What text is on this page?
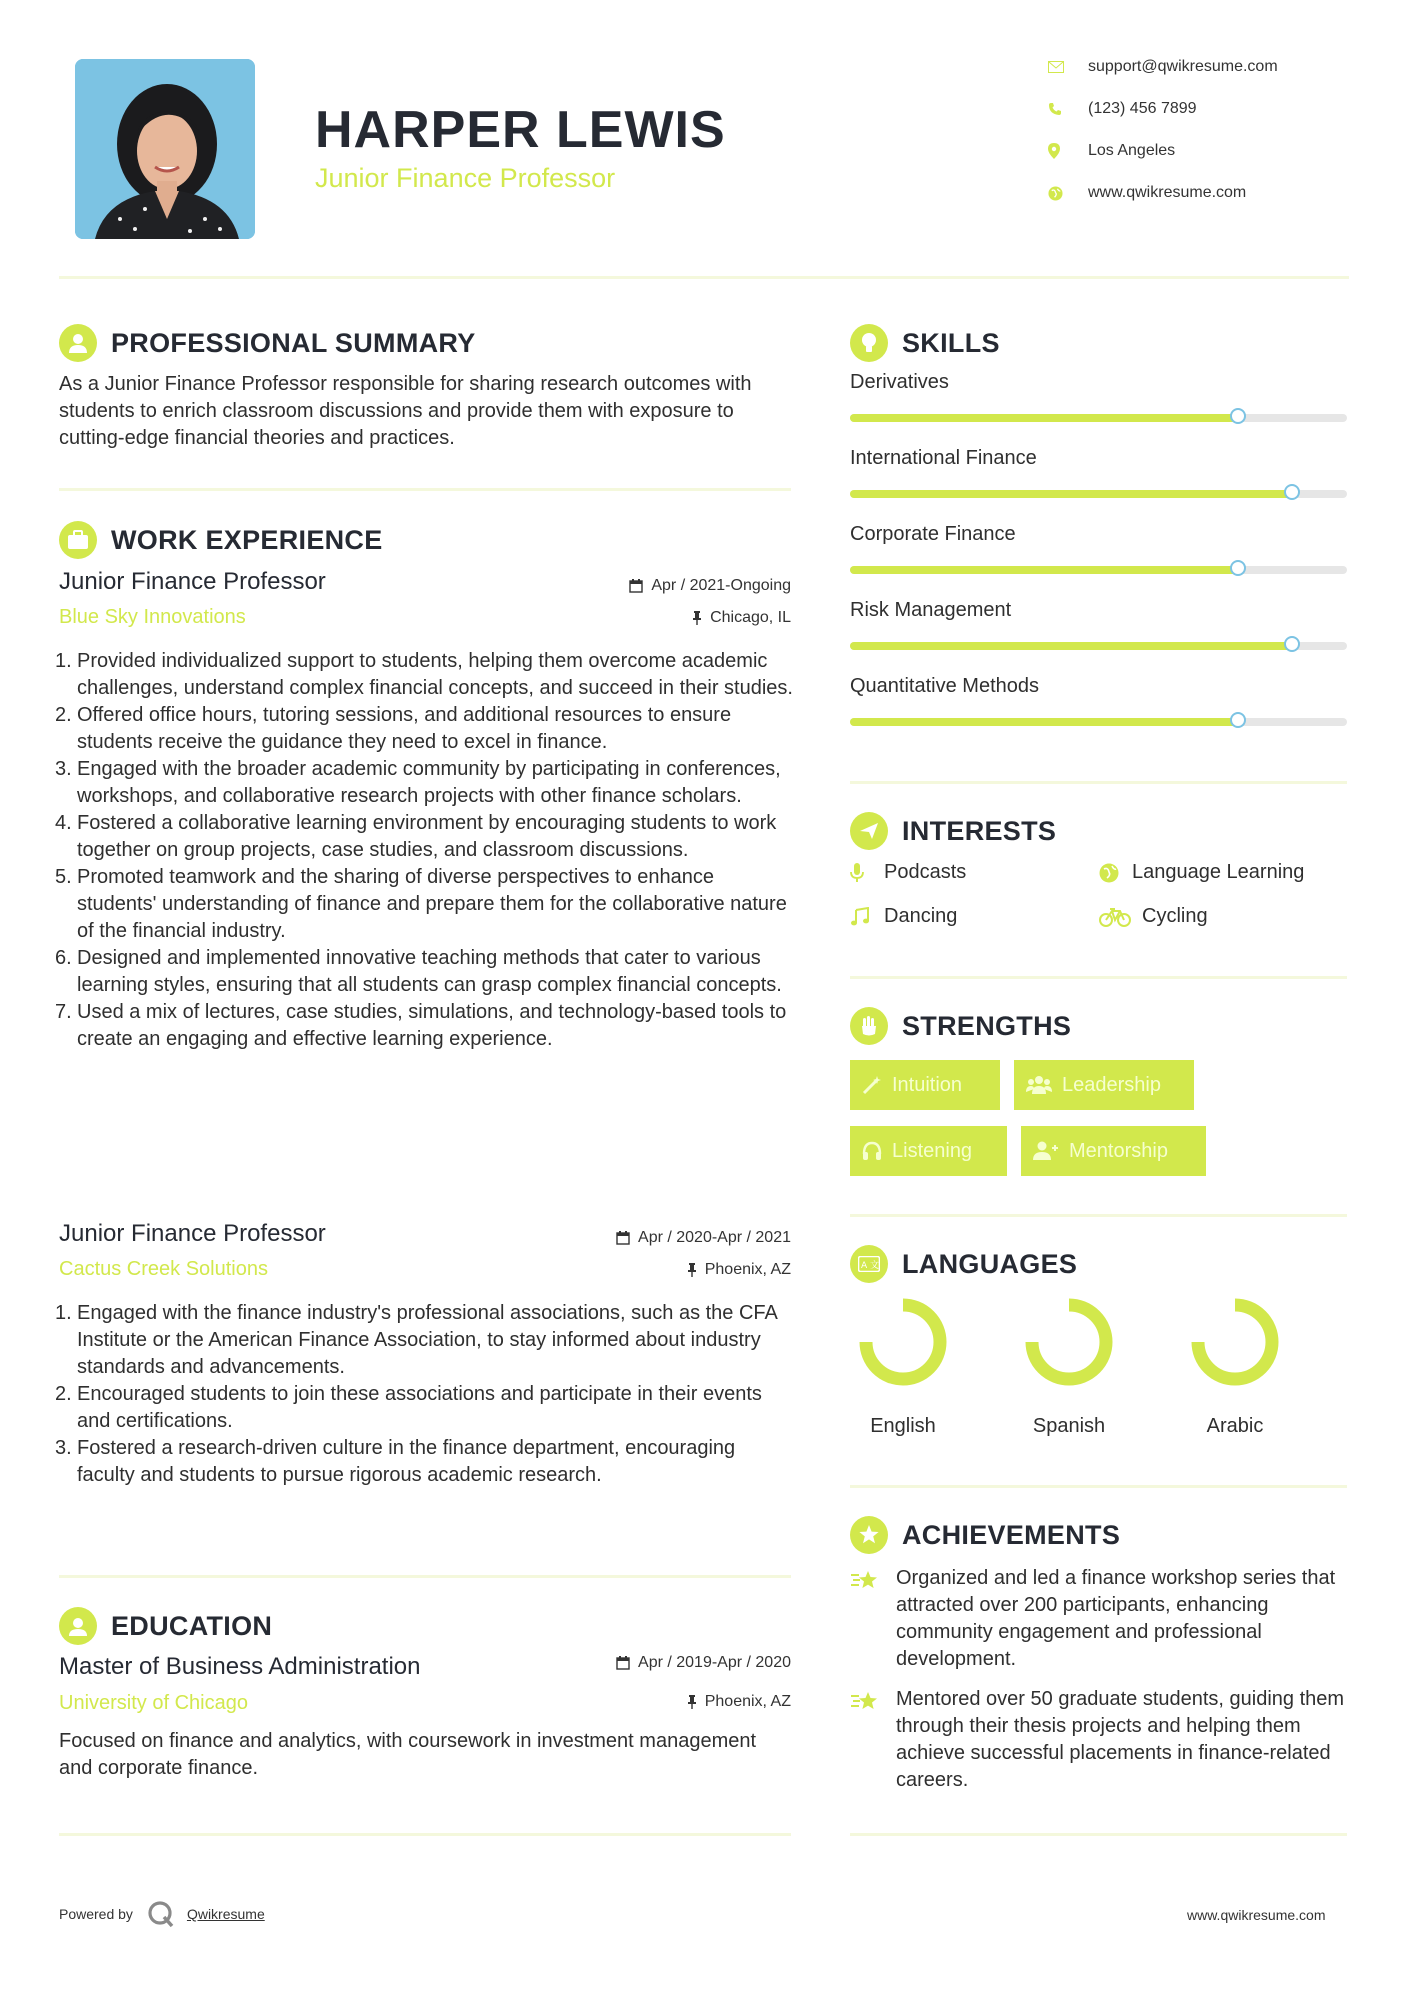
HARPER LEWIS
Junior Finance Professor
support@qwikresume.com
(123) 456 7899
Los Angeles
www.qwikresume.com
PROFESSIONAL SUMMARY
As a Junior Finance Professor responsible for sharing research outcomes with students to enrich classroom discussions and provide them with exposure to cutting-edge financial theories and practices.
WORK EXPERIENCE
Junior Finance Professor	Apr / 2021-Ongoing
Blue Sky Innovations	Chicago, IL
Provided individualized support to students, helping them overcome academic challenges, understand complex financial concepts, and succeed in their studies.
Offered office hours, tutoring sessions, and additional resources to ensure students receive the guidance they need to excel in finance.
Engaged with the broader academic community by participating in conferences, workshops, and collaborative research projects with other finance scholars.
Fostered a collaborative learning environment by encouraging students to work together on group projects, case studies, and classroom discussions.
Promoted teamwork and the sharing of diverse perspectives to enhance students' understanding of finance and prepare them for the collaborative nature of the financial industry.
Designed and implemented innovative teaching methods that cater to various learning styles, ensuring that all students can grasp complex financial concepts.
Used a mix of lectures, case studies, simulations, and technology-based tools to create an engaging and effective learning experience.
Junior Finance Professor	Apr / 2020-Apr / 2021
Cactus Creek Solutions	Phoenix, AZ
Engaged with the finance industry's professional associations, such as the CFA Institute or the American Finance Association, to stay informed about industry standards and advancements.
Encouraged students to join these associations and participate in their events and certifications.
Fostered a research-driven culture in the finance department, encouraging faculty and students to pursue rigorous academic research.
EDUCATION
Master of Business Administration	Apr / 2019-Apr / 2020
University of Chicago	Phoenix, AZ
Focused on finance and analytics, with coursework in investment management and corporate finance.
SKILLS
Derivatives
International Finance
Corporate Finance
Risk Management
Quantitative Methods
INTERESTS
Podcasts	Language Learning
Dancing	Cycling
STRENGTHS
Intuition	Leadership
Listening	Mentorship
A 文 LANGUAGES
English	Spanish	Arabic
ACHIEVEMENTS
Organized and led a finance workshop series that attracted over 200 participants, enhancing community engagement and professional development.
Mentored over 50 graduate students, guiding them through their thesis projects and helping them achieve successful placements in finance-related careers.
Powered by	Qwikresume	www.qwikresume.com
